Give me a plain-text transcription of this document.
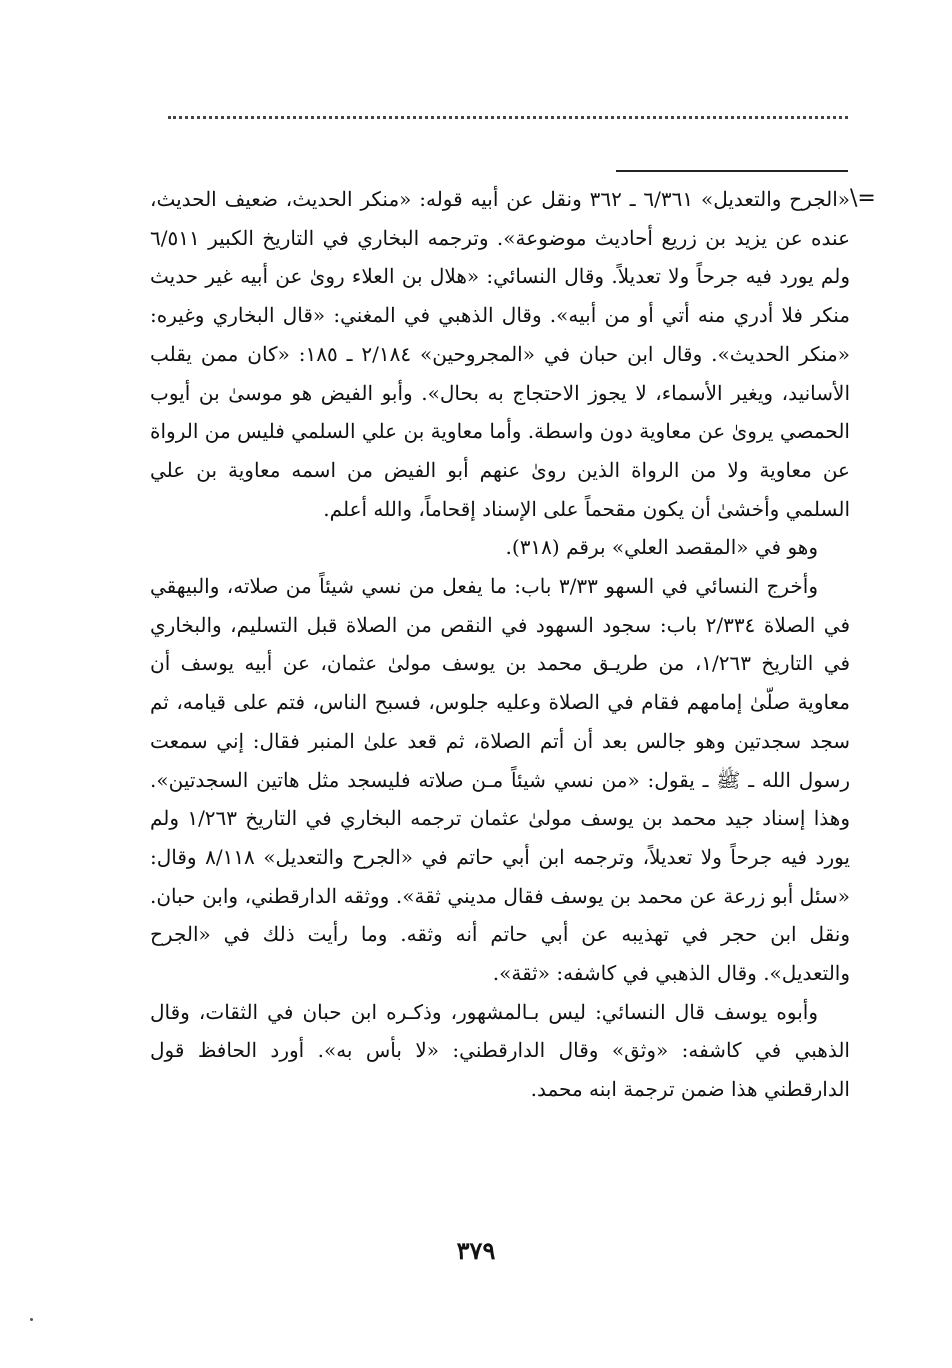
\=

«الجرح والتعديل» ٦/٣٦١ ـ ٣٦٢ ونقل عن أبيه قوله: «منكر الحديث، ضعيف الحديث، عنده عن يزيد بن زريع أحاديث موضوعة». وترجمه البخاري في التاريخ الكبير ٦/٥١١ ولم يورد فيه جرحاً ولا تعديلاً. وقال النسائي: «هلال بن العلاء روىٰ عن أبيه غير حديث منكر فلا أدري منه أتي أو من أبيه». وقال الذهبي في المغني: «قال البخاري وغيره: «منكر الحديث». وقال ابن حبان في «المجروحين» ٢/١٨٤ ـ ١٨٥: «كان ممن يقلب الأسانيد، ويغير الأسماء، لا يجوز الاحتجاج به بحال». وأبو الفيض هو موسىٰ بن أيوب الحمصي يروىٰ عن معاوية دون واسطة. وأما معاوية بن علي السلمي فليس من الرواة عن معاوية ولا من الرواة الذين روىٰ عنهم أبو الفيض من اسمه معاوية بن علي السلمي وأخشىٰ أن يكون مقحماً على الإسناد إقحاماً، والله أعلم.

وهو في «المقصد العلي» برقم (٣١٨).

وأخرج النسائي في السهو ٣/٣٣ باب: ما يفعل من نسي شيئاً من صلاته، والبيهقي في الصلاة ٢/٣٣٤ باب: سجود السهود في النقص من الصلاة قبل التسليم، والبخاري في التاريخ ١/٢٦٣، من طريـق محمد بن يوسف مولىٰ عثمان، عن أبيه يوسف أن معاوية صلّىٰ إمامهم فقام في الصلاة وعليه جلوس، فسبح الناس، فتم على قيامه، ثم سجد سجدتين وهو جالس بعد أن أتم الصلاة، ثم قعد علىٰ المنبر فقال: إني سمعت رسول الله ـ ﷺ ـ يقول: «من نسي شيئاً مـن صلاته فليسجد مثل هاتين السجدتين». وهذا إسناد جيد محمد بن يوسف مولىٰ عثمان ترجمه البخاري في التاريخ ١/٢٦٣ ولم يورد فيه جرحاً ولا تعديلاً، وترجمه ابن أبي حاتم في «الجرح والتعديل» ٨/١١٨ وقال: «سئل أبو زرعة عن محمد بن يوسف فقال مديني ثقة». ووثقه الدارقطني، وابن حبان. ونقل ابن حجر في تهذيبه عن أبي حاتم أنه وثقه. وما رأيت ذلك في «الجرح والتعديل». وقال الذهبي في كاشفه: «ثقة».

وأبوه يوسف قال النسائي: ليس بـالمشهور، وذكـره ابن حبان في الثقات، وقال الذهبي في كاشفه: «وثق» وقال الدارقطني: «لا بأس به». أورد الحافظ قول الدارقطني هذا ضمن ترجمة ابنه محمد.

٣٧٩
